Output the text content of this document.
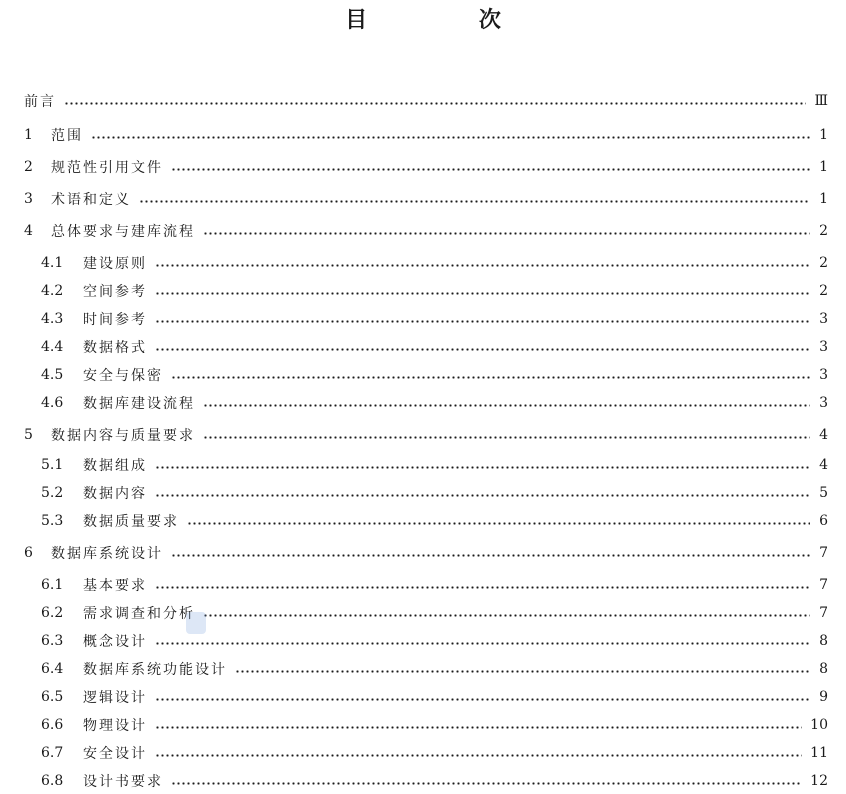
目 次
前言	Ⅲ
1	范围	1
2	规范性引用文件	1
3	术语和定义	1
4	总体要求与建库流程	2
4.1	建设原则	2
4.2	空间参考	2
4.3	时间参考	3
4.4	数据格式	3
4.5	安全与保密	3
4.6	数据库建设流程	3
5	数据内容与质量要求	4
5.1	数据组成	4
5.2	数据内容	5
5.3	数据质量要求	6
6	数据库系统设计	7
6.1	基本要求	7
6.2	需求调查和分析	7
6.3	概念设计	8
6.4	数据库系统功能设计	8
6.5	逻辑设计	9
6.6	物理设计	10
6.7	安全设计	11
6.8	设计书要求	12
